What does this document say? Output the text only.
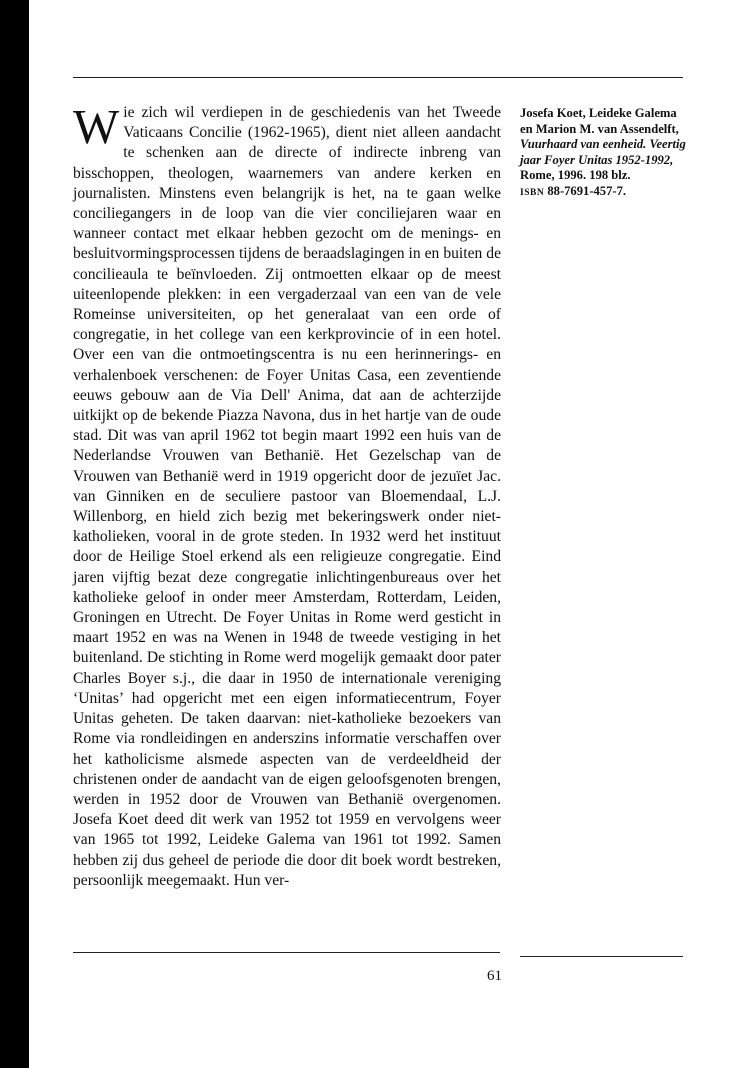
W ie zich wil verdiepen in de geschiedenis van het Tweede Vaticaans Concilie (1962-1965), dient niet alleen aandacht te schenken aan de directe of indirecte inbreng van bisschoppen, theologen, waarnemers van andere kerken en journalisten. Minstens even belangrijk is het, na te gaan welke conciliegangers in de loop van die vier conciliejaren waar en wanneer contact met elkaar hebben gezocht om de menings- en besluitvormingsprocessen tijdens de beraadslagingen in en buiten de concilieaula te beïnvloeden. Zij ontmoetten elkaar op de meest uiteenlopende plekken: in een vergaderzaal van een van de vele Romeinse universiteiten, op het generalaat van een orde of congregatie, in het college van een kerkprovincie of in een hotel. Over een van die ontmoetingscentra is nu een herinnerings- en verhalenboek verschenen: de Foyer Unitas Casa, een zeventiende eeuws gebouw aan de Via Dell' Anima, dat aan de achterzijde uitkijkt op de bekende Piazza Navona, dus in het hartje van de oude stad. Dit was van april 1962 tot begin maart 1992 een huis van de Nederlandse Vrouwen van Bethanië. Het Gezelschap van de Vrouwen van Bethanië werd in 1919 opgericht door de jezuïet Jac. van Ginniken en de seculiere pastoor van Bloemendaal, L.J. Willenborg, en hield zich bezig met bekeringswerk onder niet-katholieken, vooral in de grote steden. In 1932 werd het instituut door de Heilige Stoel erkend als een religieuze congregatie. Eind jaren vijftig bezat deze congregatie inlichtingenbureaus over het katholieke geloof in onder meer Amsterdam, Rotterdam, Leiden, Groningen en Utrecht. De Foyer Unitas in Rome werd gesticht in maart 1952 en was na Wenen in 1948 de tweede vestiging in het buitenland. De stichting in Rome werd mogelijk gemaakt door pater Charles Boyer s.j., die daar in 1950 de internationale vereniging ‘Unitas’ had opgericht met een eigen informatiecentrum, Foyer Unitas geheten. De taken daarvan: niet-katholieke bezoekers van Rome via rondleidingen en anderszins informatie verschaffen over het katholicisme alsmede aspecten van de verdeeldheid der christenen onder de aandacht van de eigen geloofsgenoten brengen, werden in 1952 door de Vrouwen van Bethanië overgenomen. Josefa Koet deed dit werk van 1952 tot 1959 en vervolgens weer van 1965 tot 1992, Leideke Galema van 1961 tot 1992. Samen hebben zij dus geheel de periode die door dit boek wordt bestreken, persoonlijk meegemaakt. Hun ver-
Josefa Koet, Leideke Galema en Marion M. van Assendelft, Vuurhaard van eenheid. Veertig jaar Foyer Unitas 1952-1992, Rome, 1996. 198 blz.
ISBN 88-7691-457-7.
61
